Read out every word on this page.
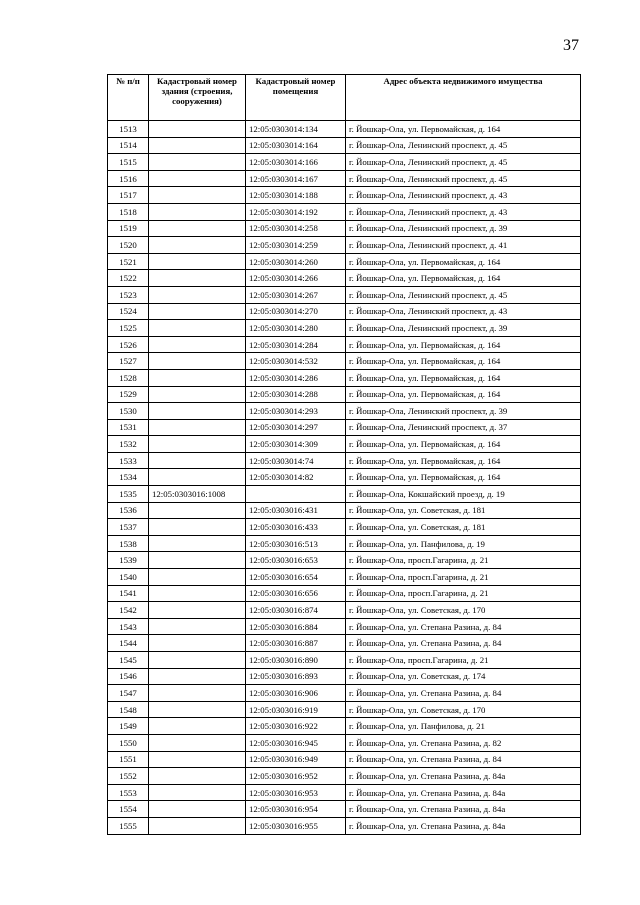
37
№ п/п	Кадастровый номер здания (строения, сооружения)	Кадастровый номер помещения	Адрес объекта недвижимого имущества
1513		12:05:0303014:134	г. Йошкар-Ола, ул. Первомайская, д. 164
1514		12:05:0303014:164	г. Йошкар-Ола, Ленинский проспект, д. 45
1515		12:05:0303014:166	г. Йошкар-Ола, Ленинский проспект, д. 45
1516		12:05:0303014:167	г. Йошкар-Ола, Ленинский проспект, д. 45
1517		12:05:0303014:188	г. Йошкар-Ола, Ленинский проспект, д. 43
1518		12:05:0303014:192	г. Йошкар-Ола, Ленинский проспект, д. 43
1519		12:05:0303014:258	г. Йошкар-Ола, Ленинский проспект, д. 39
1520		12:05:0303014:259	г. Йошкар-Ола, Ленинский проспект, д. 41
1521		12:05:0303014:260	г. Йошкар-Ола, ул. Первомайская, д. 164
1522		12:05:0303014:266	г. Йошкар-Ола, ул. Первомайская, д. 164
1523		12:05:0303014:267	г. Йошкар-Ола, Ленинский проспект, д. 45
1524		12:05:0303014:270	г. Йошкар-Ола, Ленинский проспект, д. 43
1525		12:05:0303014:280	г. Йошкар-Ола, Ленинский проспект, д. 39
1526		12:05:0303014:284	г. Йошкар-Ола, ул. Первомайская, д. 164
1527		12:05:0303014:532	г. Йошкар-Ола, ул. Первомайская, д. 164
1528		12:05:0303014:286	г. Йошкар-Ола, ул. Первомайская, д. 164
1529		12:05:0303014:288	г. Йошкар-Ола, ул. Первомайская, д. 164
1530		12:05:0303014:293	г. Йошкар-Ола, Ленинский проспект, д. 39
1531		12:05:0303014:297	г. Йошкар-Ола, Ленинский проспект, д. 37
1532		12:05:0303014:309	г. Йошкар-Ола, ул. Первомайская, д. 164
1533		12:05:0303014:74	г. Йошкар-Ола, ул. Первомайская, д. 164
1534		12:05:0303014:82	г. Йошкар-Ола, ул. Первомайская, д. 164
1535	12:05:0303016:1008		г. Йошкар-Ола, Кокшайский проезд, д. 19
1536		12:05:0303016:431	г. Йошкар-Ола, ул. Советская, д. 181
1537		12:05:0303016:433	г. Йошкар-Ола, ул. Советская, д. 181
1538		12:05:0303016:513	г. Йошкар-Ола, ул. Панфилова, д. 19
1539		12:05:0303016:653	г. Йошкар-Ола, просп.Гагарина, д. 21
1540		12:05:0303016:654	г. Йошкар-Ола, просп.Гагарина, д. 21
1541		12:05:0303016:656	г. Йошкар-Ола, просп.Гагарина, д. 21
1542		12:05:0303016:874	г. Йошкар-Ола, ул. Советская, д. 170
1543		12:05:0303016:884	г. Йошкар-Ола, ул. Степана Разина, д. 84
1544		12:05:0303016:887	г. Йошкар-Ола, ул. Степана Разина, д. 84
1545		12:05:0303016:890	г. Йошкар-Ола, просп.Гагарина, д. 21
1546		12:05:0303016:893	г. Йошкар-Ола, ул. Советская, д. 174
1547		12:05:0303016:906	г. Йошкар-Ола, ул. Степана Разина, д. 84
1548		12:05:0303016:919	г. Йошкар-Ола, ул. Советская, д. 170
1549		12:05:0303016:922	г. Йошкар-Ола, ул. Панфилова, д. 21
1550		12:05:0303016:945	г. Йошкар-Ола, ул. Степана Разина, д. 82
1551		12:05:0303016:949	г. Йошкар-Ола, ул. Степана Разина, д. 84
1552		12:05:0303016:952	г. Йошкар-Ола, ул. Степана Разина, д. 84а
1553		12:05:0303016:953	г. Йошкар-Ола, ул. Степана Разина, д. 84а
1554		12:05:0303016:954	г. Йошкар-Ола, ул. Степана Разина, д. 84а
1555		12:05:0303016:955	г. Йошкар-Ола, ул. Степана Разина, д. 84а
